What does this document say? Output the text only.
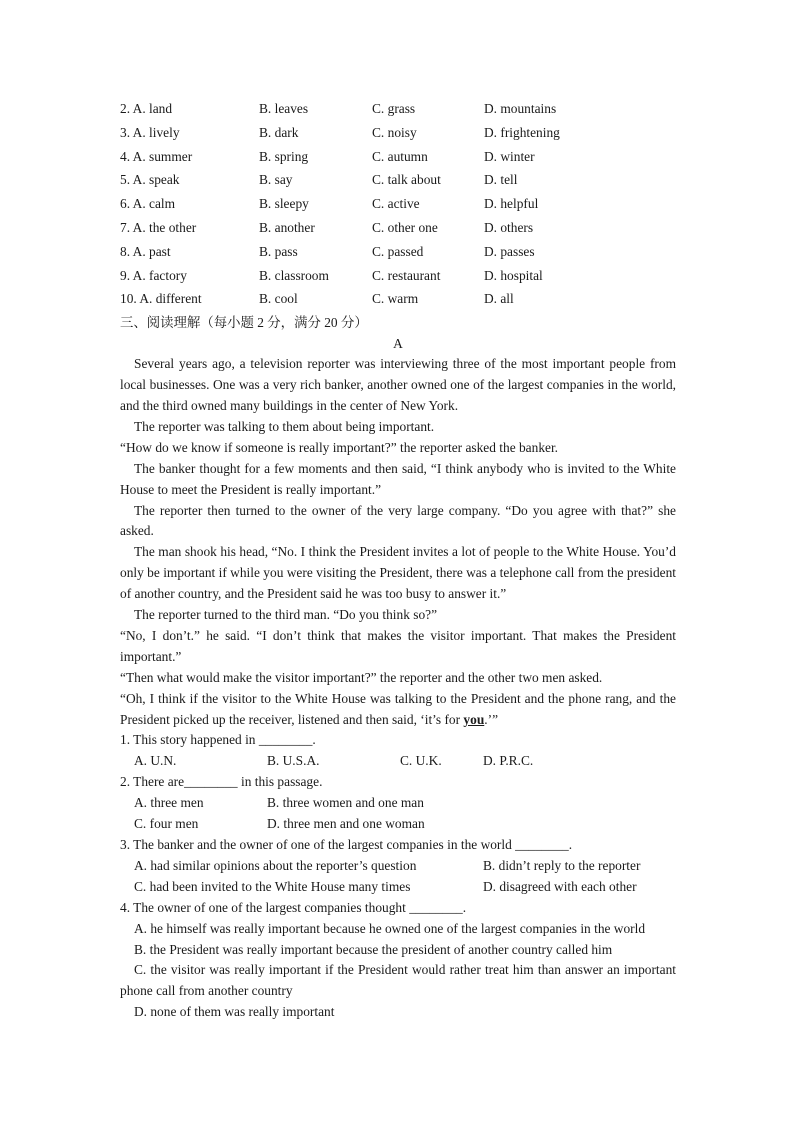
2. A. land	B. leaves	C. grass	D. mountains
3. A. lively	B. dark	C. noisy	D. frightening
4. A. summer	B. spring	C. autumn	D. winter
5. A. speak	B. say	C. talk about	D. tell
6. A. calm	B. sleepy	C. active	D. helpful
7. A. the other	B. another	C. other one	D. others
8. A. past	B. pass	C. passed	D. passes
9. A. factory	B. classroom	C. restaurant	D. hospital
10. A. different	B. cool	C. warm	D. all
三、阅读理解（每小题 2 分，满分 20 分）
A

Several years ago, a television reporter was interviewing three of the most important people from local businesses. One was a very rich banker, another owned one of the largest companies in the world, and the third owned many buildings in the center of New York.

The reporter was talking to them about being important.

“How do we know if someone is really important?” the reporter asked the banker.

The banker thought for a few moments and then said, “I think anybody who is invited to the White House to meet the President is really important.”

The reporter then turned to the owner of the very large company. “Do you agree with that?” she asked.

The man shook his head, “No. I think the President invites a lot of people to the White House. You’d only be important if while you were visiting the President, there was a telephone call from the president of another country, and the President said he was too busy to answer it.”

The reporter turned to the third man. “Do you think so?”

“No, I don’t.” he said. “I don’t think that makes the visitor important. That makes the President important.”

“Then what would make the visitor important?” the reporter and the other two men asked.

“Oh, I think if the visitor to the White House was talking to the President and the phone rang, and the President picked up the receiver, listened and then said, ‘it’s for you.’”

1. This story happened in ________.

A. U.N.	B. U.S.A.	C. U.K.	D. P.R.C.

2. There are________ in this passage.

A. three men	B. three women and one man
C. four men	D. three men and one woman

3. The banker and the owner of one of the largest companies in the world ________.

A. had similar opinions about the reporter’s question	B. didn’t reply to the reporter
C. had been invited to the White House many times	D. disagreed with each other

4. The owner of one of the largest companies thought ________.

A. he himself was really important because he owned one of the largest companies in the world

B. the President was really important because the president of another country called him

C. the visitor was really important if the President would rather treat him than answer an important phone call from another country

D. none of them was really important
